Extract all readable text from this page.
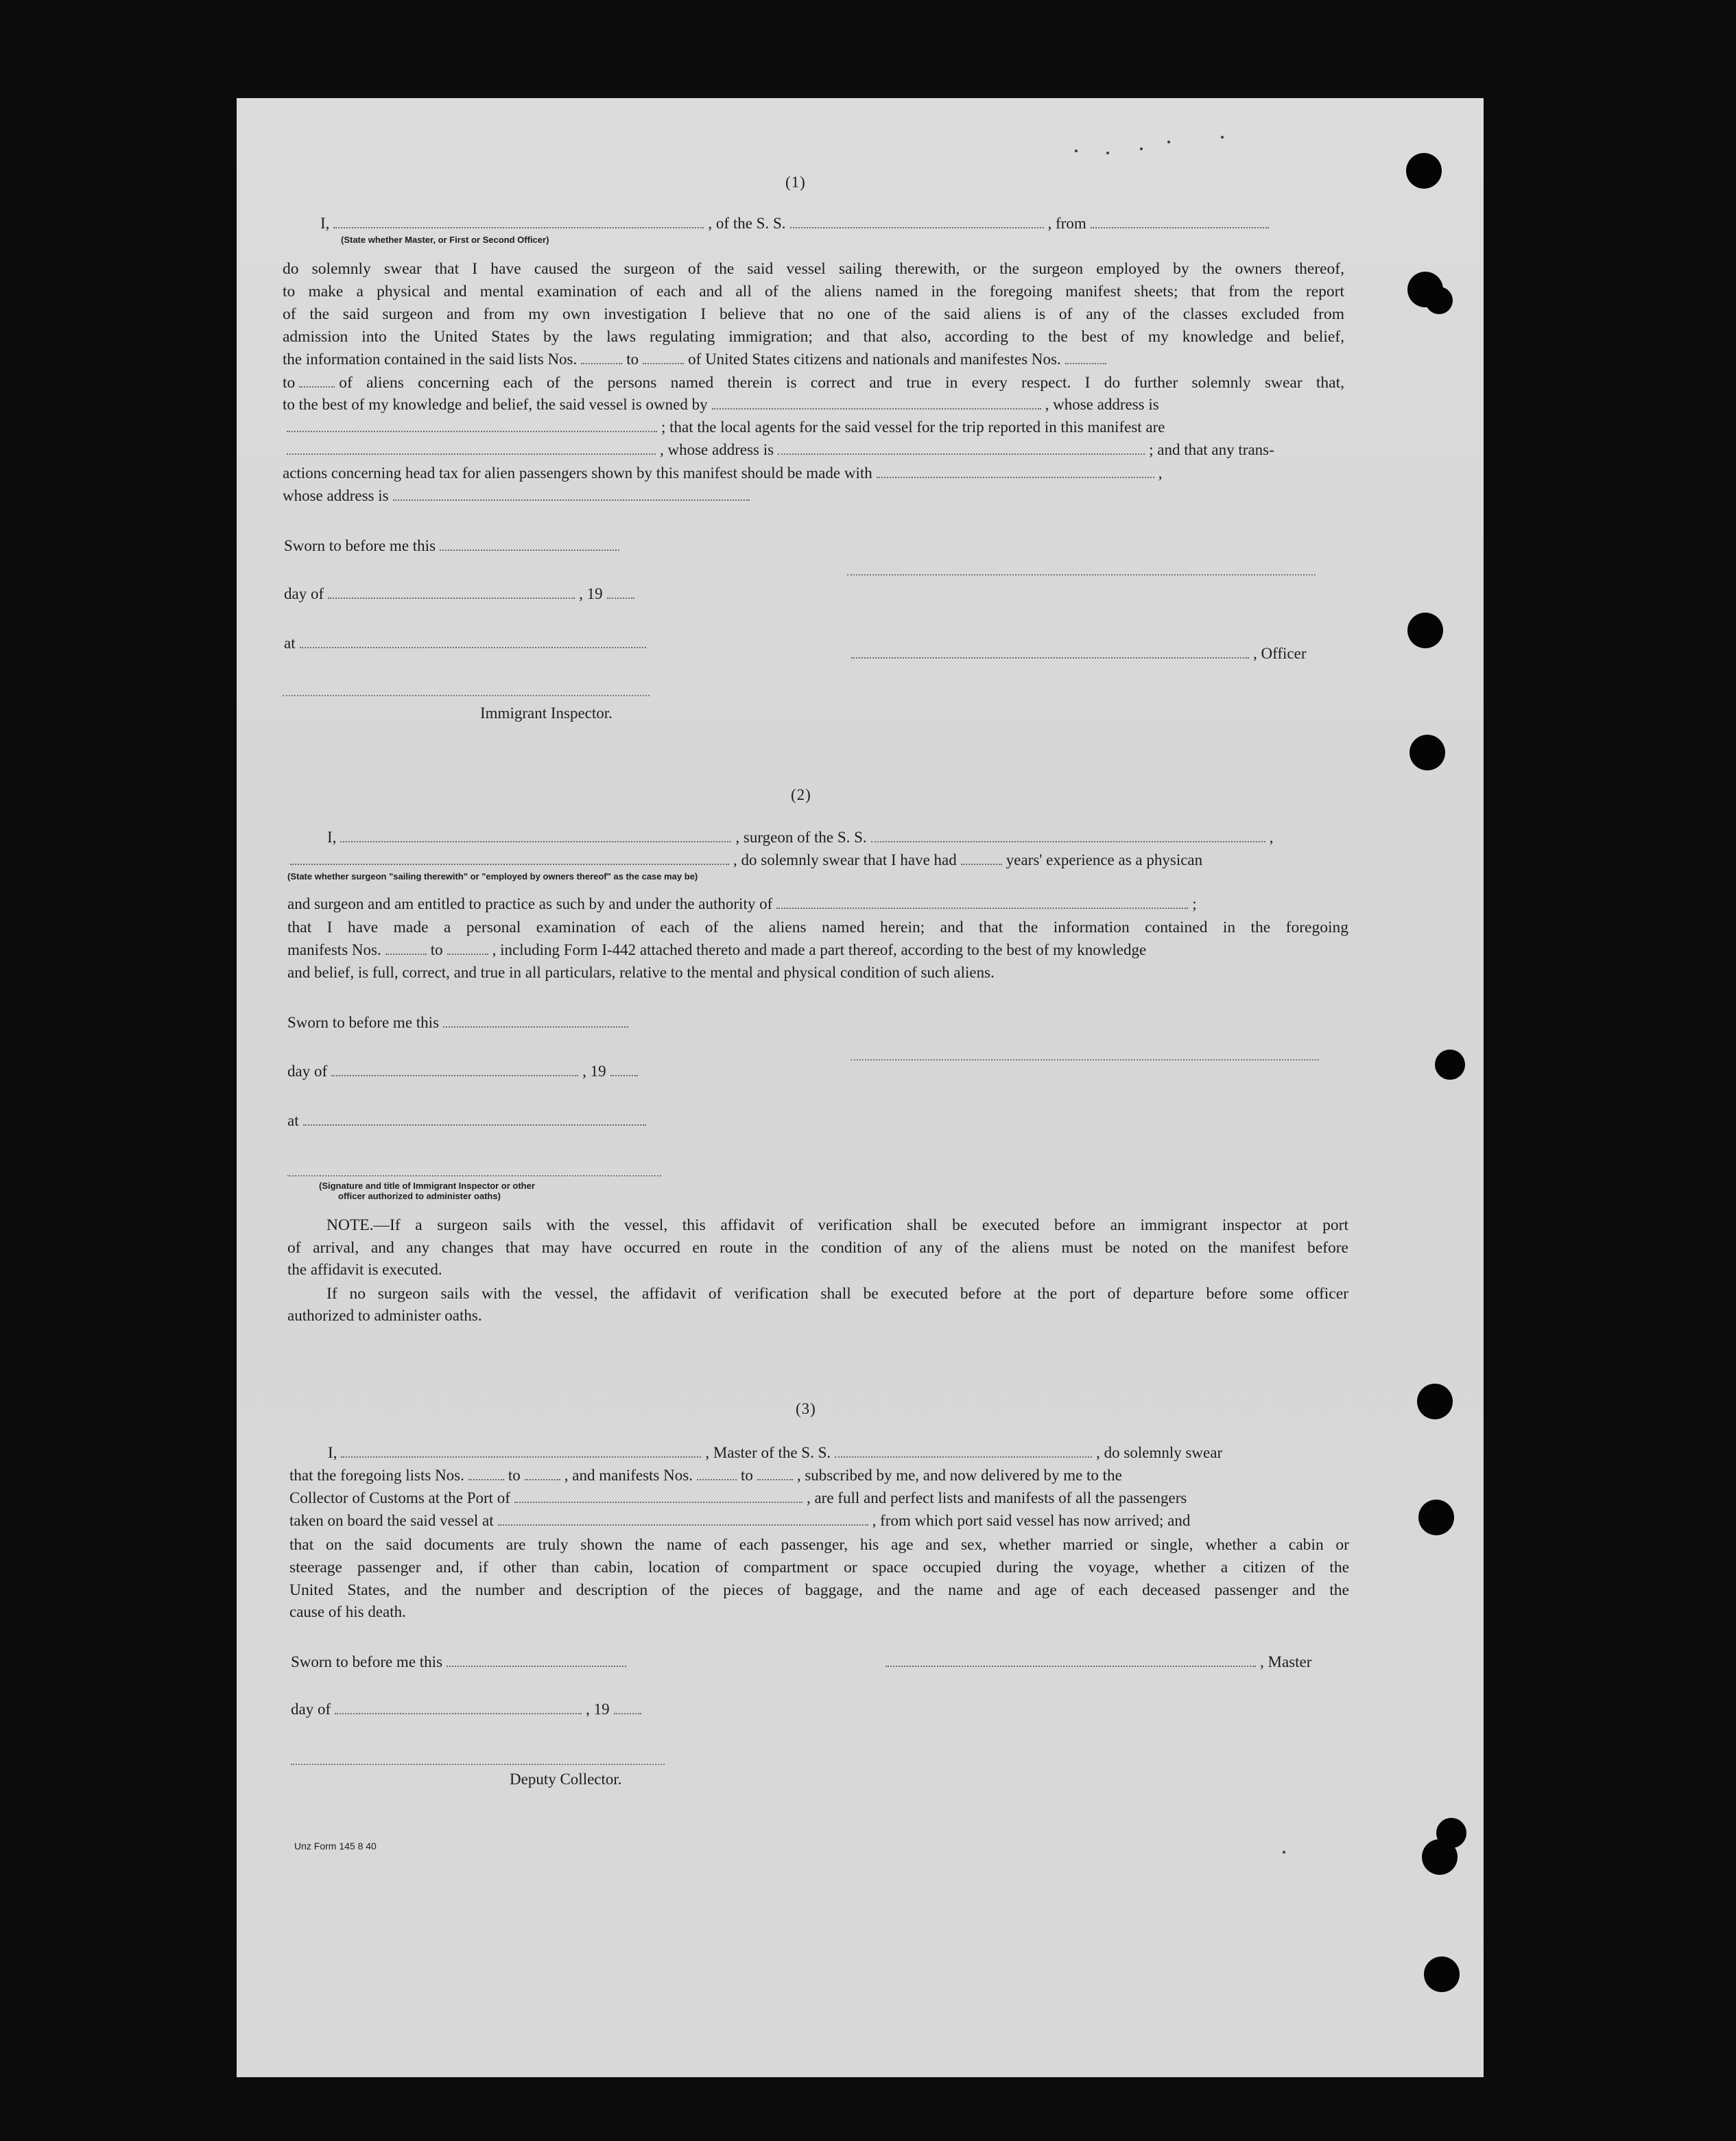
(1)
I,	, of the S. S.	, from
(State whether Master, or First or Second Officer)
do solemnly swear that I have caused the surgeon of the said vessel sailing therewith, or the surgeon employed by the owners thereof,
to make a physical and mental examination of each and all of the aliens named in the foregoing manifest sheets; that from the report
of the said surgeon and from my own investigation I believe that no one of the said aliens is of any of the classes excluded from
admission into the United States by the laws regulating immigration; and that also, according to the best of my knowledge and belief,
the information contained in the said lists Nos.	to	of United States citizens and nationals and manifestes Nos.
to	of aliens concerning each of the persons named therein is correct and true in every respect. I do further solemnly swear that,
to the best of my knowledge and belief, the said vessel is owned by	, whose address is
; that the local agents for the said vessel for the trip reported in this manifest are
, whose address is	; and that any trans-
actions concerning head tax for alien passengers shown by this manifest should be made with	,
whose address is
Sworn to before me this
day of	, 19
at
, Officer
Immigrant Inspector.
(2)
I,	, surgeon of the S. S.	,
, do solemnly swear that I have had	years' experience as a physican
(State whether surgeon "sailing therewith" or "employed by owners thereof" as the case may be)
and surgeon and am entitled to practice as such by and under the authority of	;
that I have made a personal examination of each of the aliens named herein; and that the information contained in the foregoing
manifests Nos.	to	, including Form I-442 attached thereto and made a part thereof, according to the best of my knowledge
and belief, is full, correct, and true in all particulars, relative to the mental and physical condition of such aliens.
Sworn to before me this
day of	, 19
at
(Signature and title of Immigrant Inspector or other
officer authorized to administer oaths)
NOTE.—If a surgeon sails with the vessel, this affidavit of verification shall be executed before an immigrant inspector at port
of arrival, and any changes that may have occurred en route in the condition of any of the aliens must be noted on the manifest before
the affidavit is executed.
If no surgeon sails with the vessel, the affidavit of verification shall be executed before at the port of departure before some officer
authorized to administer oaths.
(3)
I,	, Master of the S. S.	, do solemnly swear
that the foregoing lists Nos.	to	, and manifests Nos.	to	, subscribed by me, and now delivered by me to the
Collector of Customs at the Port of	, are full and perfect lists and manifests of all the passengers
taken on board the said vessel at	, from which port said vessel has now arrived; and
that on the said documents are truly shown the name of each passenger, his age and sex, whether married or single, whether a cabin or
steerage passenger and, if other than cabin, location of compartment or space occupied during the voyage, whether a citizen of the
United States, and the number and description of the pieces of baggage, and the name and age of each deceased passenger and the
cause of his death.
Sworn to before me this	, Master
day of	, 19
Deputy Collector.
Unz Form 145 8 40
